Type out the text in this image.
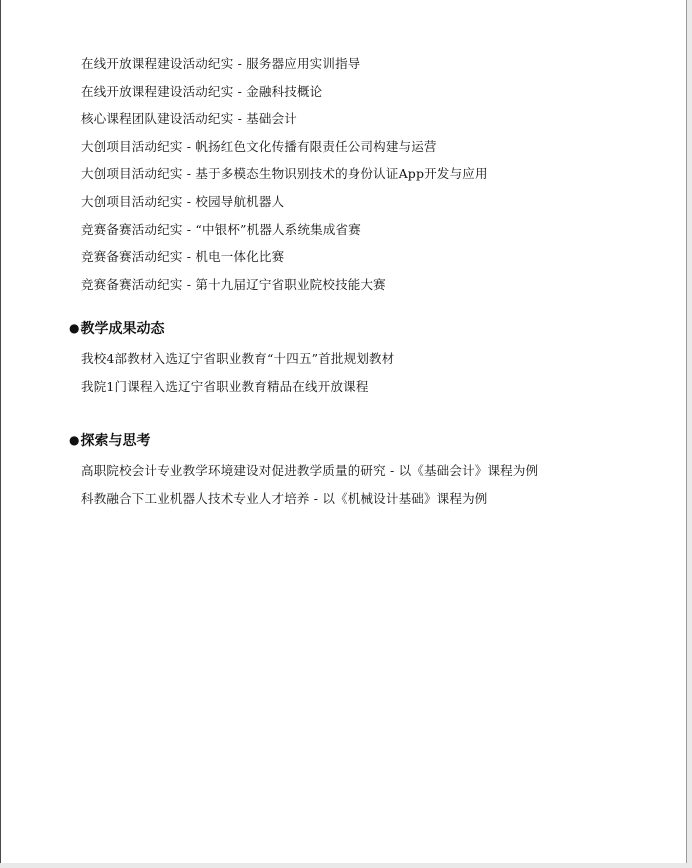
在线开放课程建设活动纪实 - 服务器应用实训指导
在线开放课程建设活动纪实 - 金融科技概论
核心课程团队建设活动纪实 - 基础会计
大创项目活动纪实 - 帆扬红色文化传播有限责任公司构建与运营
大创项目活动纪实 - 基于多模态生物识别技术的身份认证App开发与应用
大创项目活动纪实 - 校园导航机器人
竞赛备赛活动纪实 - “中银杯”机器人系统集成省赛
竞赛备赛活动纪实 - 机电一体化比赛
竞赛备赛活动纪实 - 第十九届辽宁省职业院校技能大赛
●教学成果动态
我校4部教材入选辽宁省职业教育“十四五”首批规划教材
我院1门课程入选辽宁省职业教育精品在线开放课程
●探索与思考
高职院校会计专业教学环境建设对促进教学质量的研究 - 以《基础会计》课程为例
科教融合下工业机器人技术专业人才培养 - 以《机械设计基础》课程为例
